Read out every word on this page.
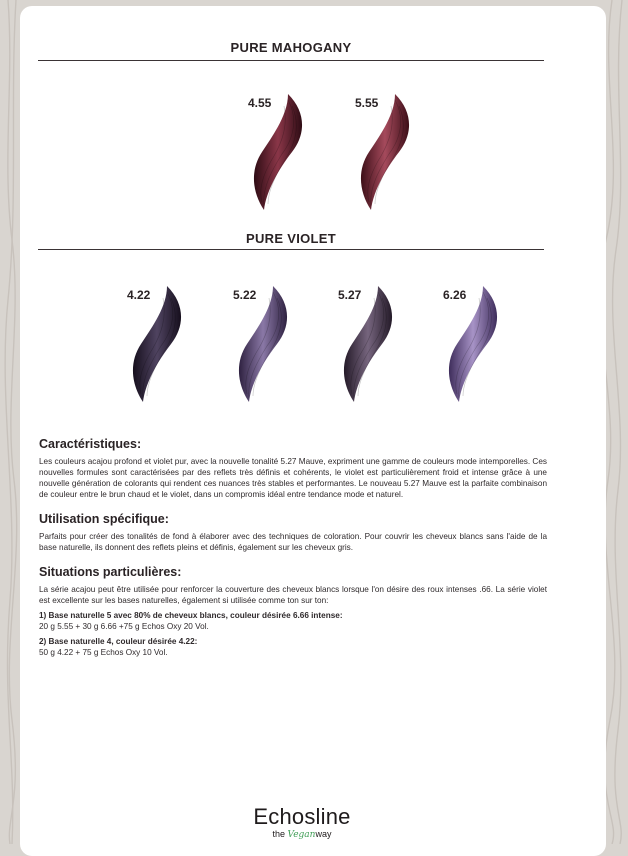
PURE MAHOGANY
4.55	5.55
PURE VIOLET
4.22	5.22	5.27	6.26
Caractéristiques:

Les couleurs acajou profond et violet pur, avec la nouvelle tonalité 5.27 Mauve, expriment une gamme de couleurs mode intemporelles. Ces nouvelles formules sont caractérisées par des reflets très définis et cohérents, le violet est particulièrement froid et intense grâce à une nouvelle génération de colorants qui rendent ces nuances très stables et performantes. Le nouveau 5.27 Mauve est la parfaite combinaison de couleur entre le brun chaud et le violet, dans un compromis idéal entre tendance mode et naturel.

Utilisation spécifique:

Parfaits pour créer des tonalités de fond à élaborer avec des techniques de coloration. Pour couvrir les cheveux blancs sans l'aide de la base naturelle, ils donnent des reflets pleins et définis, également sur les cheveux gris.

Situations particulières:

La série acajou peut être utilisée pour renforcer la couverture des cheveux blancs lorsque l'on désire des roux intenses .66. La série violet est excellente sur les bases naturelles, également si utilisée comme ton sur ton:

1) Base naturelle 5 avec 80% de cheveux blancs, couleur désirée 6.66 intense:
20 g 5.55 + 30 g 6.66 +75 g Echos Oxy 20 Vol.
2) Base naturelle 4, couleur désirée 4.22:
50 g 4.22 + 75 g Echos Oxy 10 Vol.
Echosline
the Veganway
